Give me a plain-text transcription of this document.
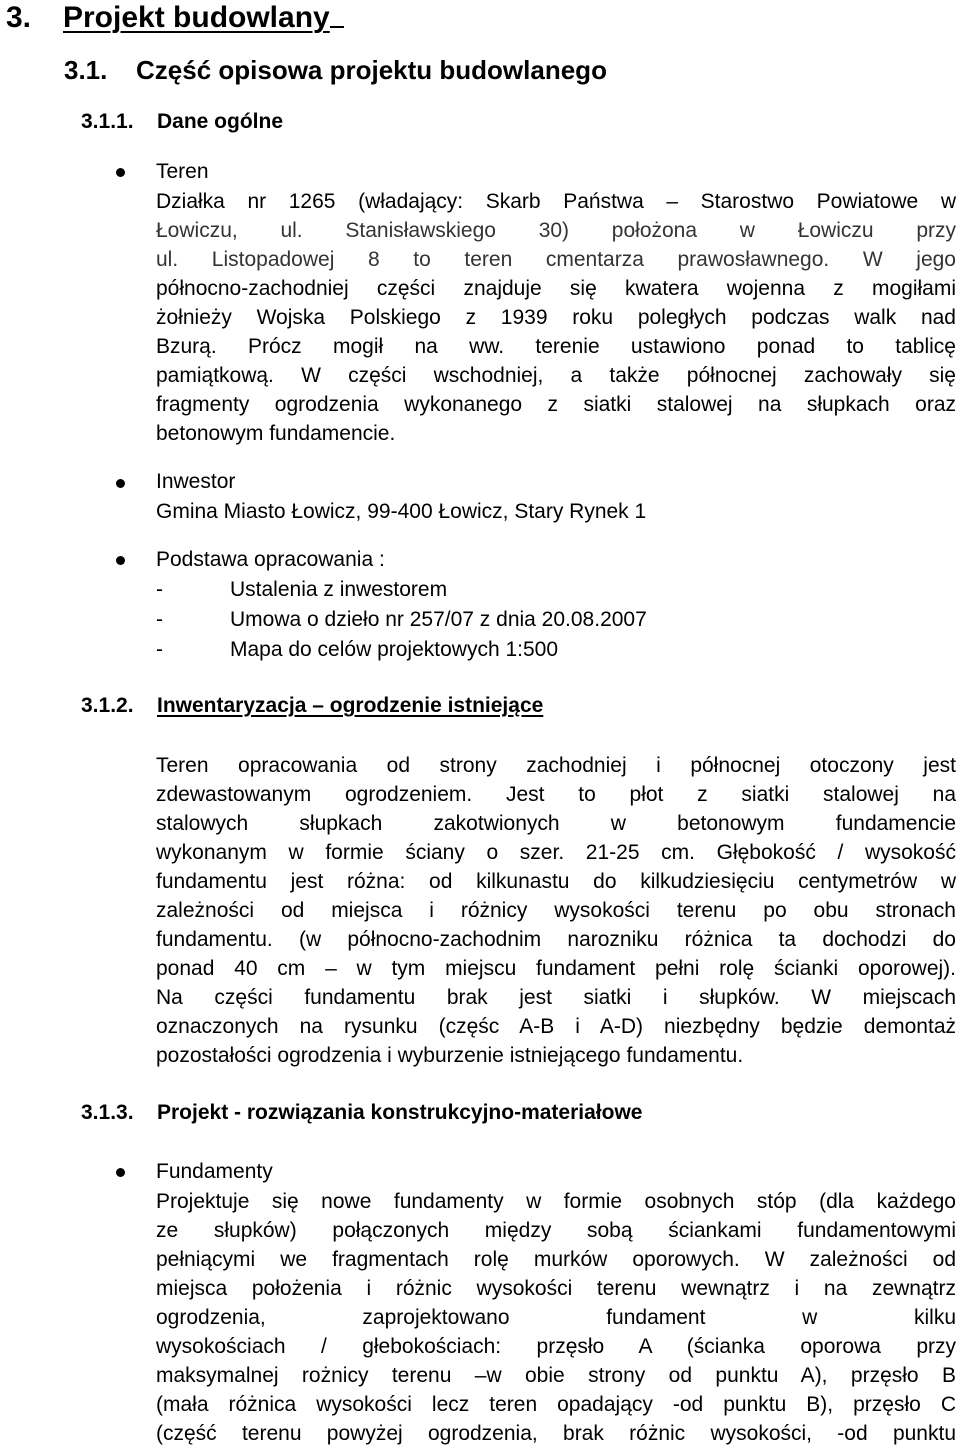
3. Projekt budowlany
3.1. Część opisowa projektu budowlanego
3.1.1. Dane ogólne
Teren
Działka nr 1265 (władający: Skarb Państwa – Starostwo Powiatowe w
Łowiczu, ul. Stanisławskiego 30) położona w Łowiczu przy
ul. Listopadowej 8 to teren cmentarza prawosławnego. W jego
północno-zachodniej części znajduje się kwatera wojenna z mogiłami
żołnieży Wojska Polskiego z 1939 roku poległych podczas walk nad
Bzurą. Prócz mogił na ww. terenie ustawiono ponad to tablicę
pamiątkową. W części wschodniej, a także północnej zachowały się
fragmenty ogrodzenia wykonanego z siatki stalowej na słupkach oraz
betonowym fundamencie.
Inwestor
Gmina Miasto Łowicz, 99-400 Łowicz, Stary Rynek 1
Podstawa opracowania :
-	Ustalenia z inwestorem
-	Umowa o dzieło nr 257/07 z dnia 20.08.2007
-	Mapa do celów projektowych 1:500
3.1.2. Inwentaryzacja – ogrodzenie istniejące
Teren opracowania od strony zachodniej i północnej otoczony jest
zdewastowanym ogrodzeniem. Jest to płot z siatki stalowej na
stalowych słupkach zakotwionych w betonowym fundamencie
wykonanym w formie ściany o szer. 21-25 cm. Głębokość / wysokość
fundamentu jest różna: od kilkunastu do kilkudziesięciu centymetrów w
zależności od miejsca i różnicy wysokości terenu po obu stronach
fundamentu. (w północno-zachodnim narozniku różnica ta dochodzi do
ponad 40 cm – w tym miejscu fundament pełni rolę ścianki oporowej).
Na części fundamentu brak jest siatki i słupków. W miejscach
oznaczonych na rysunku (częśc A-B i A-D) niezbędny będzie demontaż
pozostałości ogrodzenia i wyburzenie istniejącego fundamentu.
3.1.3. Projekt - rozwiązania konstrukcyjno-materiałowe
Fundamenty
Projektuje się nowe fundamenty w formie osobnych stóp (dla każdego
ze słupków) połączonych między sobą ściankami fundamentowymi
pełniącymi we fragmentach rolę murków oporowych. W zależności od
miejsca położenia i różnic wysokości terenu wewnątrz i na zewnątrz
ogrodzenia, zaprojektowano fundament w kilku
wysokościach / głebokościach: przęsło A (ścianka oporowa przy
maksymalnej rożnicy terenu –w obie strony od punktu A), przęsło B
(mała różnica wysokości lecz teren opadający -od punktu B), przęsło C
(część terenu powyżej ogrodzenia, brak różnic wysokości, -od punktu
